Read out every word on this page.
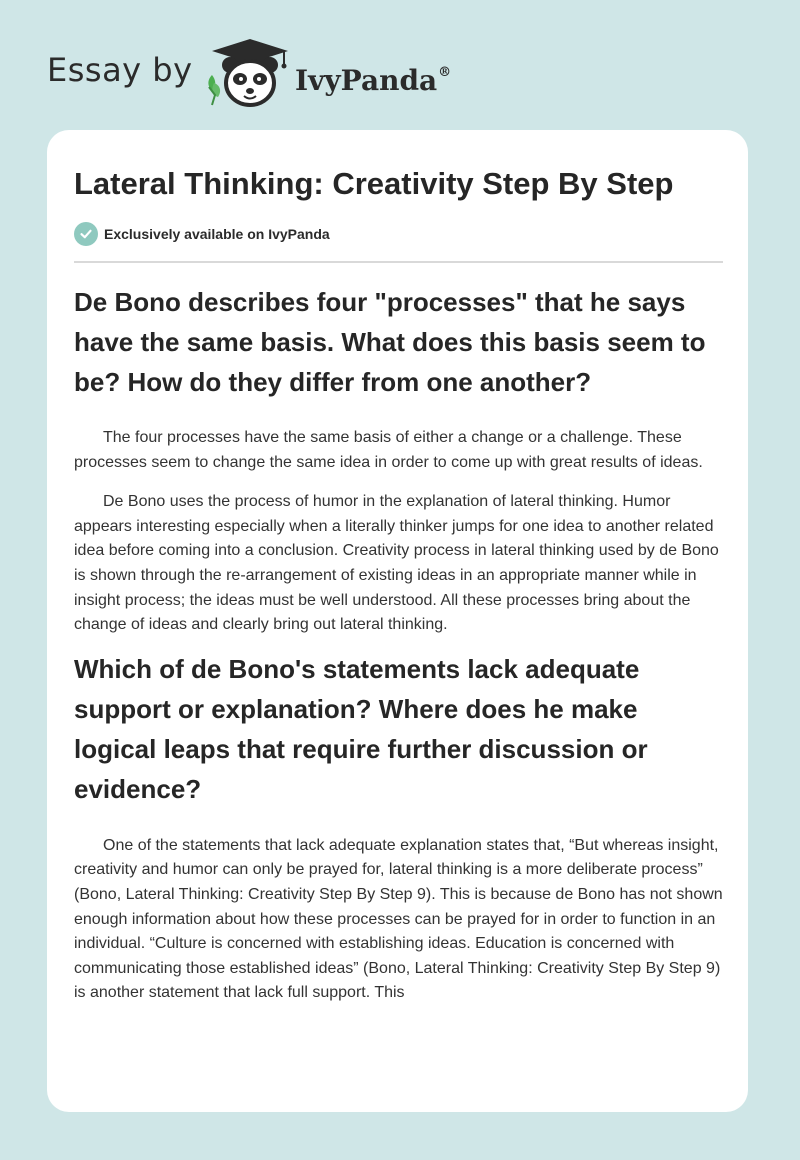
Essay by	IvyPanda®
Lateral Thinking: Creativity Step By Step
Exclusively available on IvyPanda
De Bono describes four "processes" that he says have the same basis. What does this basis seem to be? How do they differ from one another?

The four processes have the same basis of either a change or a challenge. These processes seem to change the same idea in order to come up with great results of ideas.

De Bono uses the process of humor in the explanation of lateral thinking. Humor appears interesting especially when a literally thinker jumps for one idea to another related idea before coming into a conclusion. Creativity process in lateral thinking used by de Bono is shown through the re-arrangement of existing ideas in an appropriate manner while in insight process; the ideas must be well understood. All these processes bring about the change of ideas and clearly bring out lateral thinking.

Which of de Bono's statements lack adequate support or explanation? Where does he make logical leaps that require further discussion or evidence?

One of the statements that lack adequate explanation states that, “But whereas insight, creativity and humor can only be prayed for, lateral thinking is a more deliberate process” (Bono, Lateral Thinking: Creativity Step By Step 9). This is because de Bono has not shown enough information about how these processes can be prayed for in order to function in an individual. “Culture is concerned with establishing ideas. Education is concerned with communicating those established ideas” (Bono, Lateral Thinking: Creativity Step By Step 9) is another statement that lack full support. This
